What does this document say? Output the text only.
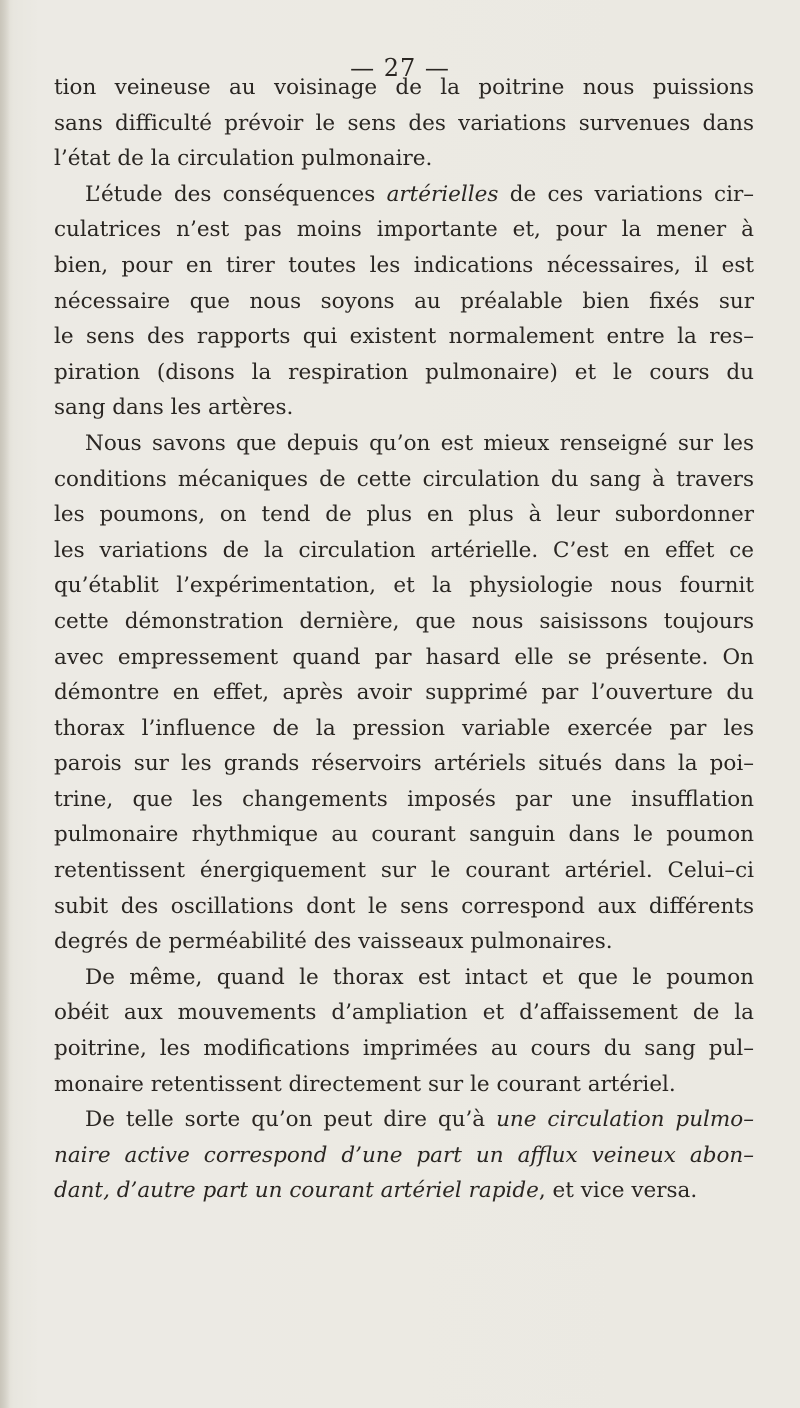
— 27 —
tion veineuse au voisinage de la poitrine nous puissions
sans difficulté prévoir le sens des variations survenues dans
l’état de la circulation pulmonaire.
L’étude des conséquences artérielles de ces variations cir–
culatrices n’est pas moins importante et, pour la mener à
bien, pour en tirer toutes les indications nécessaires, il est
nécessaire que nous soyons au préalable bien fixés sur
le sens des rapports qui existent normalement entre la res–
piration (disons la respiration pulmonaire) et le cours du
sang dans les artères.
Nous savons que depuis qu’on est mieux renseigné sur les
conditions mécaniques de cette circulation du sang à travers
les poumons, on tend de plus en plus à leur subordonner
les variations de la circulation artérielle. C’est en effet ce
qu’établit l’expérimentation, et la physiologie nous fournit
cette démonstration dernière, que nous saisissons toujours
avec empressement quand par hasard elle se présente. On
démontre en effet, après avoir supprimé par l’ouverture du
thorax l’influence de la pression variable exercée par les
parois sur les grands réservoirs artériels situés dans la poi–
trine, que les changements imposés par une insufflation
pulmonaire rhythmique au courant sanguin dans le poumon
retentissent énergiquement sur le courant artériel. Celui–ci
subit des oscillations dont le sens correspond aux différents
degrés de perméabilité des vaisseaux pulmonaires.
De même, quand le thorax est intact et que le poumon
obéit aux mouvements d’ampliation et d’affaissement de la
poitrine, les modifications imprimées au cours du sang pul–
monaire retentissent directement sur le courant artériel.
De telle sorte qu’on peut dire qu’à une circulation pulmo–
naire active correspond d’une part un afflux veineux abon–
dant, d’autre part un courant artériel rapide, et vice versa.
